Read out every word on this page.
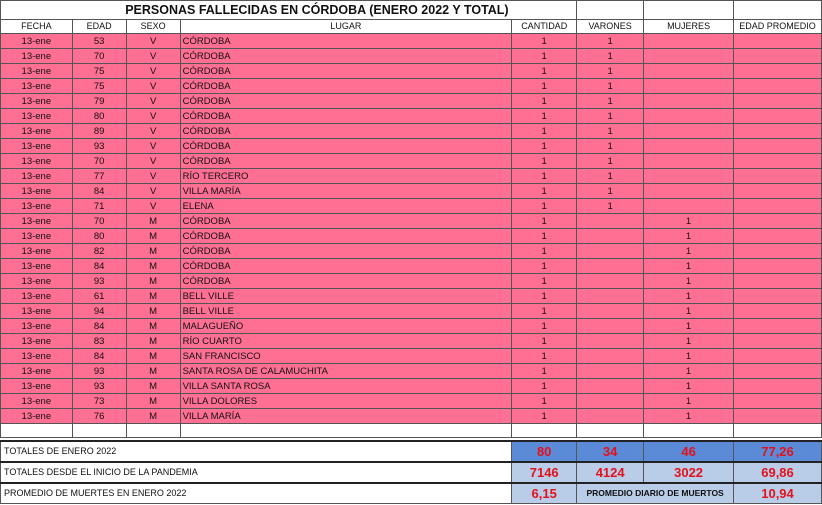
	PERSONAS FALLECIDAS EN CÓRDOBA (ENERO 2022 Y TOTAL)						
FECHA	EDAD	SEXO	LUGAR	CANTIDAD	VARONES	MUJERES	EDAD PROMEDIO
13-ene	53	V	CÓRDOBA	1	1		
13-ene	70	V	CÓRDOBA	1	1		
13-ene	75	V	CÓRDOBA	1	1		
13-ene	75	V	CÓRDOBA	1	1		
13-ene	79	V	CÓRDOBA	1	1		
13-ene	80	V	CÓRDOBA	1	1		
13-ene	89	V	CÓRDOBA	1	1		
13-ene	93	V	CÓRDOBA	1	1		
13-ene	70	V	CÓRDOBA	1	1		
13-ene	77	V	RÍO TERCERO	1	1		
13-ene	84	V	VILLA MARÍA	1	1		
13-ene	71	V	ELENA	1	1		
13-ene	70	M	CÓRDOBA	1		1	
13-ene	80	M	CÓRDOBA	1		1	
13-ene	82	M	CÓRDOBA	1		1	
13-ene	84	M	CÓRDOBA	1		1	
13-ene	93	M	CÓRDOBA	1		1	
13-ene	61	M	BELL VILLE	1		1	
13-ene	94	M	BELL VILLE	1		1	
13-ene	84	M	MALAGUEÑO	1		1	
13-ene	83	M	RÍO CUARTO	1		1	
13-ene	84	M	SAN FRANCISCO	1		1	
13-ene	93	M	SANTA ROSA DE CALAMUCHITA	1		1	
13-ene	93	M	VILLA SANTA ROSA	1		1	
13-ene	73	M	VILLA DOLORES	1		1	
13-ene	76	M	VILLA MARÍA	1		1	

TOTALES DE ENERO 2022				80	34	46	77,26
TOTALES DESDE EL INICIO DE LA PANDEMIA				7146	4124	3022	69,86
PROMEDIO DE MUERTES EN ENERO 2022				6,15	PROMEDIO DIARIO DE MUERTOS		10,94
